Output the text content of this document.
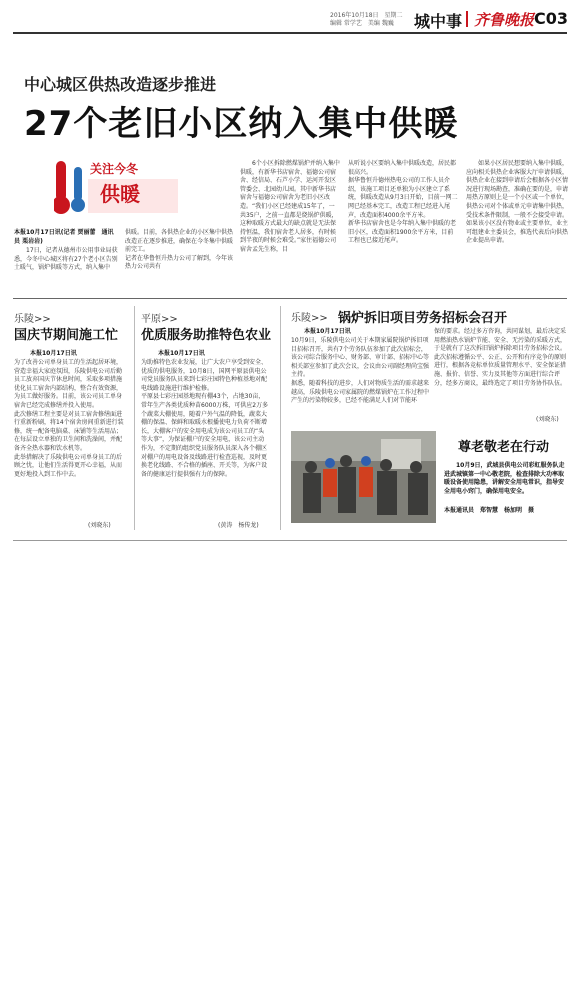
2016年10月18日　星期二
编辑 常学艺　美编 魏巍 城中事 齐鲁晚报 C03
中心城区供热改造逐步推进
27个老旧小区纳入集中供暖
关注今冬
供暖
本报10月17日讯(记者 贾丽蕾　通讯员 栗岩岩)

17日，记者从德州市公用事业局获悉，今冬中心城区将有27个老小区告别土暖气，锅炉供暖等方式，纳入集中

供暖。目前，各供热企业的小区集中供热改造正在逐步推进，确保在今冬集中供暖前完工。
记者在华鲁恒升热力公司了解到，今年该热力公司共有

6个小区拆除燃煤锅炉并纳入集中供暖，有新华书店宿舍、福德公司宿舍、经信局、石芦小学、运河开发区管委会、北园幼儿园。其中新华书店宿舍与福德公司宿舍为老旧小区改造。“我们小区已经建成15年了，一共35户，之前一直都是烧锅炉供暖，这种取暖方式最大的缺点就是无法保持恒温，我们宿舍老人居多，有时候到半夜的时候会难受。”家住福德公司宿舍孟先生称，目

从听说小区要纳入集中供暖改造，居民都很高兴。
据华鲁恒升德州热电公司的工作人员介绍，该施工项目还单独为小区建立了系统，供暖改造从9月3日开始，目前一网二网已经基本完工，改造工程已经进入尾声，改造面积4000余平方米。
新华书店宿舍也是今年纳入集中供暖的老旧小区，改造面积1900余平方米，目前工程也已接近尾声。

如果小区居民想要纳入集中供暖，应向相关供热企业客服大厅申请供暖，供热企业在接到申请后会根据各小区情况进行现场勘查，准确在要的是，申请用热方原则上是一个小区或一个单位，供热公司对个体或单元申请集中供热，受技术条件限制，一般不会接受申请。如果该小区没有物业或主要单位，业主可组建业主委员会，推选代表后向供热企业提出申请。

乐陵>>
国庆节期间施工忙
本报10月17日讯
为了改善公司单身员工的生活起居环境，营造幸福大家庭氛围，乐陵供电公司后勤员工放弃国庆节休息时间，采取多项措施优化员工宿舍内部结构，整合有效资源，为员工做好服务。目前，该公司员工单身宿舍已经完成修缮并投入使用。
此次修缮工程主要是对员工宿舍修缮面进行重新粉刷，将14个宿舍房间重新进行装修，统一配备电脑桌、床铺等生活用品；在每层设立单独的卫生间和洗澡间，并配备齐全热水器和饮水机等。
此举措解决了乐陵供电公司单身员工的后顾之忧，让他们生活得更开心幸福，从而更好地投入到工作中去。
(刘晓东)
平原>>
优质服务助推特色农业
本报10月17日讯
为助推特色农业发展，让广大农户享受到安全、优质的供电服务，10月8日，国网平原县供电公司党员服务队员来到七彩庄园特色种植基地对配电线路设施进行维护检修。
平原县七彩庄园基地现有棚43个，占地30亩，常年生产各类优质种苗6000万株，可供应2万多个蔬菜大棚使用，随着户外气温的降低，蔬菜大棚的保温、保鲜和取暖水根播使电力负荷不断增长，大棚客户的安全用电成为该公司员工的“头等大事”，为保证棚户的安全用电，该公司主动作为，不定期的组织党员服务队员深入各个棚区对棚户的用电设备及线路进行检查巡视，及时更换老化线路、不合格的插座、开关等，为客户设备的健康运行提供强有力的保障。
(黄涛　杨传龙)
乐陵>> 锅炉拆旧项目劳务招标会召开
本报10月17日讯
10月9日，乐陵供电公司关于本期家属院锅炉拆旧项目招标召开，共有7个劳务队伍参加了此次招标会，该公司综合服务中心、财务部、审计部、招标中心等相关部室参加了此次会议，会议由公司副经理尚宝强主持。
据悉，随着科技的进步，人们对物质生活的需求越来越高，乐陵供电公司家属院的燃煤锅炉在工作过程中产生的污染物较多，已经不能满足人们对节能环
保的要求。经过多方咨询，共同谋划，最后决定采用燃油热水锅炉节能、安全、无污染的采暖方式，于是就有了这次拆旧锅炉拆除项目劳务招标会议。
此次招标遵循公平、公正、公开和有序竞争的原则进行，根据各竞标单位质量管理水平、安全保证措施、报价、信誉、实力及其他等方面进行综合评分，经多方商议，最终选定了项目劳务协作队伍。
(刘晓东)
尊老敬老在行动
10月9日，武城县供电公司彩虹服务队走进武城镇第一中心敬老院，检查排除大功率取暖设备使用隐患，讲解安全用电常识，指导安全用电小窍门，确保用电安全。
本报通讯员　郑智慧　杨加明　摄
